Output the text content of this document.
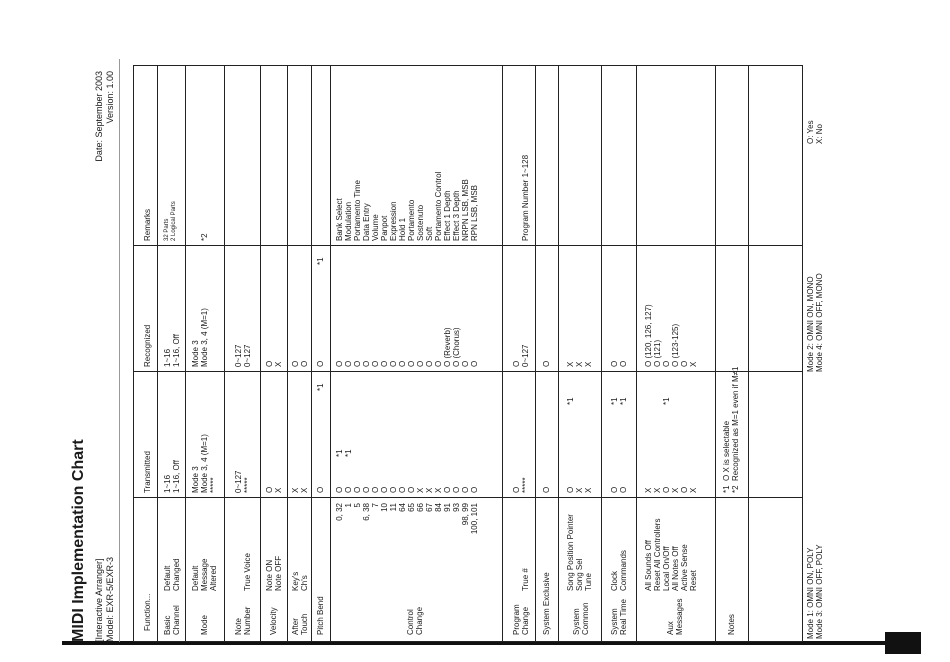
MIDI Implementation Chart [Interactive Arranger] Model: EXR-5/EXR-3
Date: September 2003 Version: 1.00
Function...
Transmitted
Recognized
Remarks
Basic
Channel
Default
Changed
1~16
1~16, Off
1~16
1~16, Off
32 Parts 2 Logical Parts
Mode
Default
Message
Altered
Mode 3
Mode 3, 4 (M=1)
*****
Mode 3
Mode 3, 4 (M=1)
*2
Note
Number
True Voice
0~127
*****
0~127
0~127
Velocity
Note ON
Note OFF
O
X
O
X
After
Touch
Key's
Ch's
X
X
O
O
Pitch Bend
O
*1
O
*1
Control
Change
0, 32
1
5
6, 38
7
10
11
64
65
66
67
84
91
93
98, 99
100, 101
O
O
O
O
O
O
O
O
O
X
X
X
O
O
O
O
*1
*1
O
O
O
O
O
O
O
O
O
O
O
O
O (Reverb)
O (Chorus)
O
O
Bank Select
Modulation
Portamento Time
Data Entry
Volume
Panpot
Expression
Hold 1
Portamento
Sostenuto
Soft
Portamento Control
Effect 1 Depth
Effect 3 Depth
NRPN LSB, MSB
RPN LSB, MSB
Program
Change
True #
O
*****
O
0~127
Program Number 1~128
System Exclusive
O
O
System
Common
Song Position Pointer
Song Sel
Tune
O
X
X
*1
X
X
X
System
Real Time
Clock
Commands
O
O
*1
*1
O
O
Aux
Messages
All Sounds Off
Reset All Controllers
Local On/Off
All Notes Off
Active Sense
Reset
X
X
O
X
O
X
*1
O (120, 126, 127)
O (121)
O
O (123-125)
O
X
Notes
*1  O X is selectable
*2  Recognized as M=1 even if M≠1
Mode 1: OMNI ON, POLY Mode 3: OMNI OFF, POLY
Mode 2: OMNI ON, MONO Mode 4: OMNI OFF, MONO
O: Yes X: No
